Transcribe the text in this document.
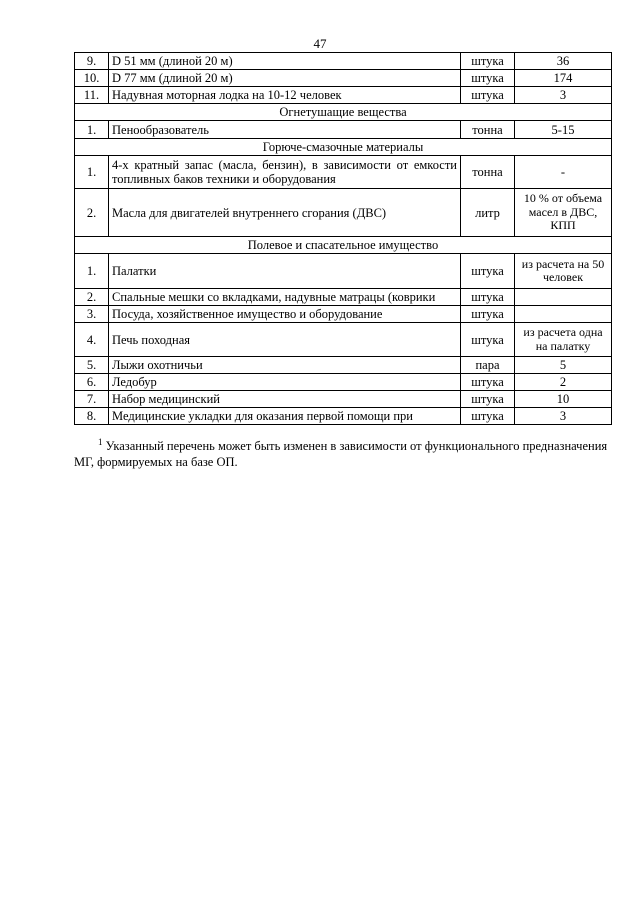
47
9.	D 51 мм (длиной 20 м)	штука	36
10.	D 77 мм (длиной 20 м)	штука	174
11.	Надувная моторная лодка на 10-12 человек	штука	3
Огнетушащие вещества			
1.	Пенообразователь	тонна	5-15
Горюче-смазочные материалы			
1.	4-х кратный запас (масла, бензин), в зависимости от емкости топливных баков техники и оборудования	тонна	-
2.	Масла для двигателей внутреннего сгорания (ДВС)	литр	10 % от объема масел в ДВС, КПП
Полевое и спасательное имущество			
1.	Палатки	штука	из расчета на 50 человек
2.	Спальные мешки со вкладками, надувные матрацы (коврики	штука	
3.	Посуда, хозяйственное имущество и оборудование	штука	
4.	Печь походная	штука	из расчета одна на палатку
5.	Лыжи охотничьи	пара	5
6.	Ледобур	штука	2
7.	Набор медицинский	штука	10
8.	Медицинские укладки для оказания первой помощи при	штука	3
$^1$ Указанный перечень может быть изменен в зависимости от функционального предназначения МГ, формируемых на базе ОП.
